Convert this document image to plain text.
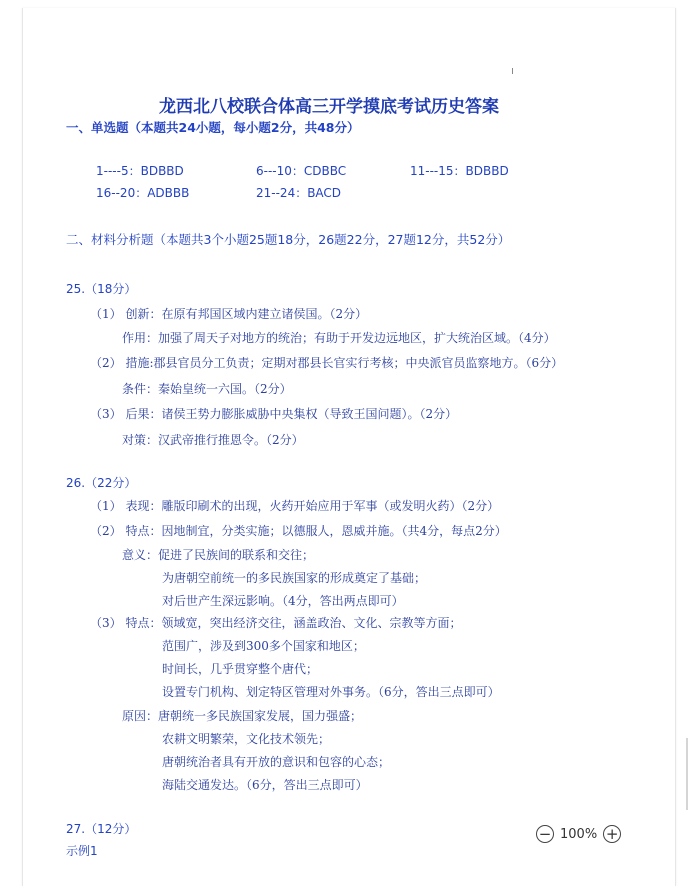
龙西北八校联合体高三开学摸底考试历史答案
一、单选题（本题共24小题，每小题2分，共48分）
1----5：BDBBD	6---10：CDBBC	11---15：BDBBD
16--20：ADBBB	21--24：BACD
二、材料分析题（本题共3个小题25题18分，26题22分，27题12分，共52分）
25.（18分）
（1） 创新：在原有邦国区域内建立诸侯国。（2分）
作用：加强了周天子对地方的统治；有助于开发边远地区，扩大统治区域。（4分）
（2） 措施:郡县官员分工负责；定期对郡县长官实行考核；中央派官员监察地方。（6分）
条件：秦始皇统一六国。（2分）
（3） 后果：诸侯王势力膨胀威胁中央集权（导致王国问题）。（2分）
对策：汉武帝推行推恩令。（2分）
26.（22分）
（1） 表现：雕版印刷术的出现，火药开始应用于军事（或发明火药）（2分）
（2） 特点：因地制宜，分类实施；以德服人，恩威并施。（共4分，每点2分）
意义：促进了民族间的联系和交往；
为唐朝空前统一的多民族国家的形成奠定了基础；
对后世产生深远影响。（4分，答出两点即可）
（3） 特点：领域宽，突出经济交往，涵盖政治、文化、宗教等方面；
范围广，涉及到300多个国家和地区；
时间长，几乎贯穿整个唐代；
设置专门机构、划定特区管理对外事务。（6分，答出三点即可）
原因：唐朝统一多民族国家发展，国力强盛；
农耕文明繁荣，文化技术领先；
唐朝统治者具有开放的意识和包容的心态；
海陆交通发达。（6分，答出三点即可）
27.（12分）
示例1
− 100% +
